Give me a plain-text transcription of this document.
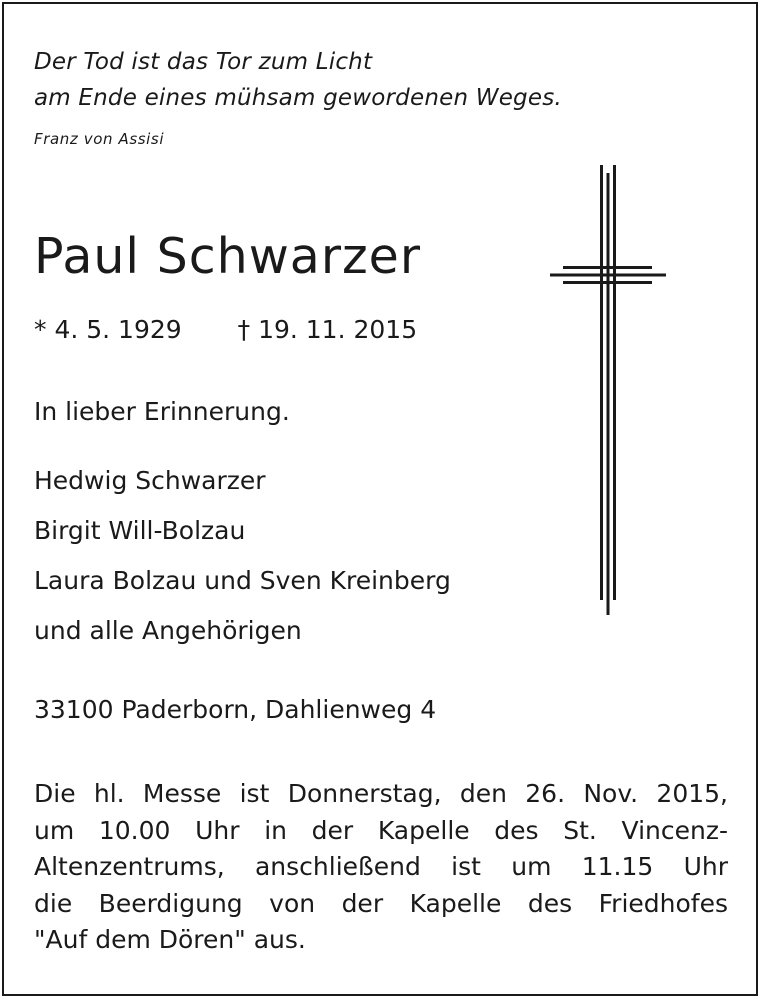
Der Tod ist das Tor zum Licht
am Ende eines mühsam gewordenen Weges.
Franz von Assisi
Paul Schwarzer
* 4. 5. 1929 † 19. 11. 2015
In lieber Erinnerung.
Hedwig Schwarzer
Birgit Will-Bolzau
Laura Bolzau und Sven Kreinberg
und alle Angehörigen
33100 Paderborn, Dahlienweg 4
Die hl. Messe ist Donnerstag, den 26. Nov. 2015,
um 10.00 Uhr in der Kapelle des St. Vincenz-
Altenzentrums, anschließend ist um 11.15 Uhr
die Beerdigung von der Kapelle des Friedhofes
"Auf dem Dören" aus.
